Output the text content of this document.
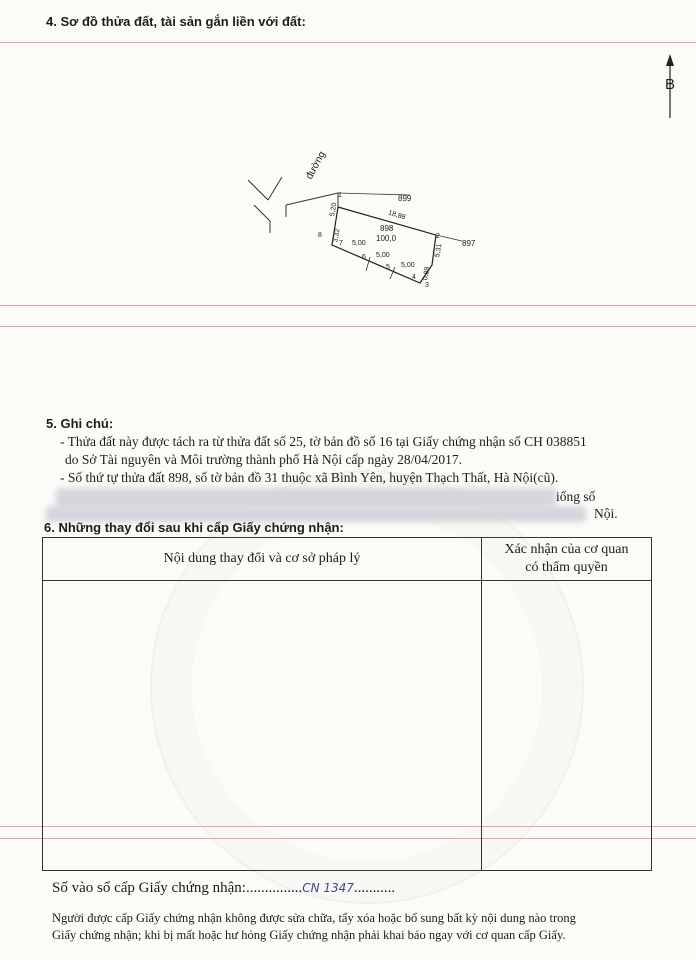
4. Sơ đồ thửa đất, tài sản gắn liền với đất:
B
đường
899
897
898
100,0
18,88
5,31
5,20
3,32
5,00
5,00
5,00
0,88
1
2
3
4
5
6
7
8
5. Ghi chú:
- Thửa đất này được tách ra từ thửa đất số 25, tờ bản đồ số 16 tại Giấy chứng nhận số CH 038851
do Sở Tài nguyên và Môi trường thành phố Hà Nội cấp ngày 28/04/2017.
- Số thứ tự thửa đất 898, số tờ bản đồ 31 thuộc xã Bình Yên, huyện Thạch Thất, Hà Nội(cũ).
iống số
Nội.
6. Những thay đổi sau khi cấp Giấy chứng nhận:
Nội dung thay đổi và cơ sở pháp lý	Xác nhận của cơ quan
có thẩm quyền

Số vào sổ cấp Giấy chứng nhận:...............CN 1347...........
Người được cấp Giấy chứng nhận không được sửa chữa, tẩy xóa hoặc bổ sung bất kỳ nội dung nào trong
Giấy chứng nhận; khi bị mất hoặc hư hỏng Giấy chứng nhận phải khai báo ngay với cơ quan cấp Giấy.
